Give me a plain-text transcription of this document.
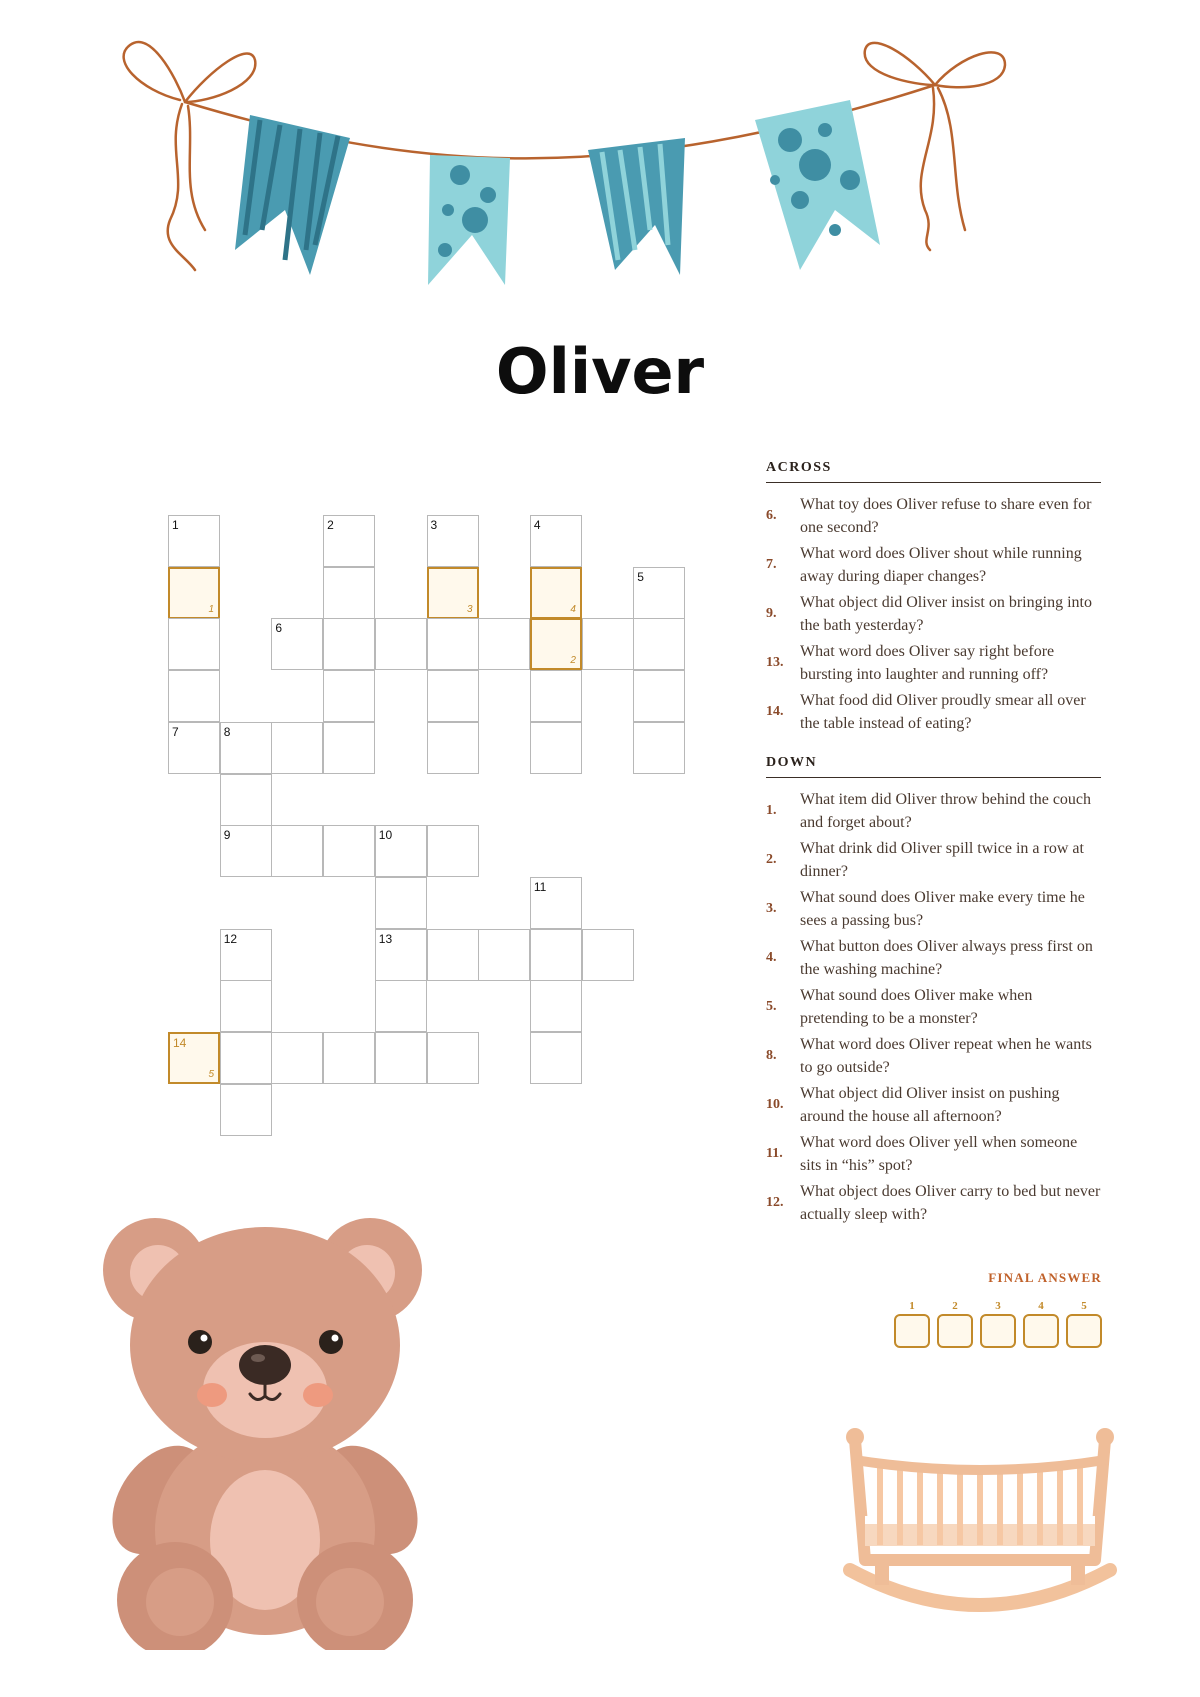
Oliver
1	2	3	4
1	3	4
5
6
2
7	8
9	10
11
12	13
14
5
ACROSS
6.
What toy does Oliver refuse to share even for one second?
7.
What word does Oliver shout while running away during diaper changes?
9.
What object did Oliver insist on bringing into the bath yesterday?
13.
What word does Oliver say right before bursting into laughter and running off?
14.
What food did Oliver proudly smear all over the table instead of eating?
DOWN
1.
What item did Oliver throw behind the couch and forget about?
2.
What drink did Oliver spill twice in a row at dinner?
3.
What sound does Oliver make every time he sees a passing bus?
4.
What button does Oliver always press first on the washing machine?
5.
What sound does Oliver make when pretending to be a monster?
8.
What word does Oliver repeat when he wants to go outside?
10.
What object did Oliver insist on pushing around the house all afternoon?
11.
What word does Oliver yell when someone sits in “his” spot?
12.
What object does Oliver carry to bed but never actually sleep with?
FINAL ANSWER
1	2	3	4	5
